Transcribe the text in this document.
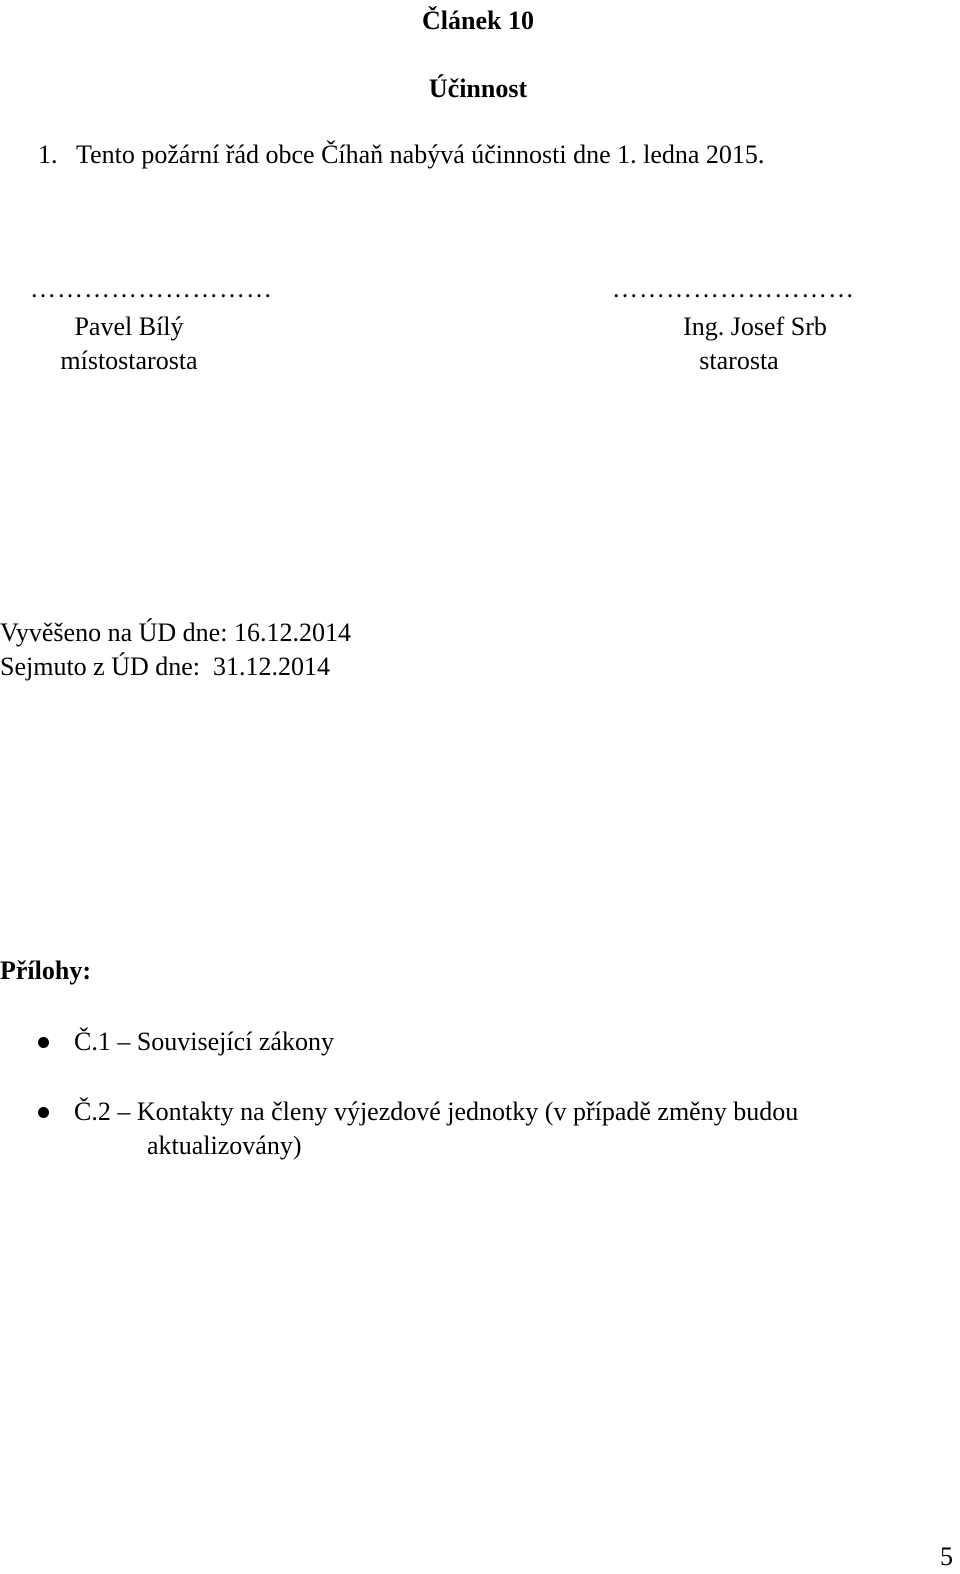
Článek 10
Účinnost
1. Tento požární řád obce Číhaň nabývá účinnosti dne 1. ledna 2015.
………………………	………………………
Pavel Bílý
místostarosta
Ing. Josef Srb
starosta
Vyvěšeno na ÚD dne: 16.12.2014
Sejmuto z ÚD dne:  31.12.2014
Přílohy:
Č.1 – Související zákony
Č.2 – Kontakty na členy výjezdové jednotky (v případě změny budou
aktualizovány)
5
